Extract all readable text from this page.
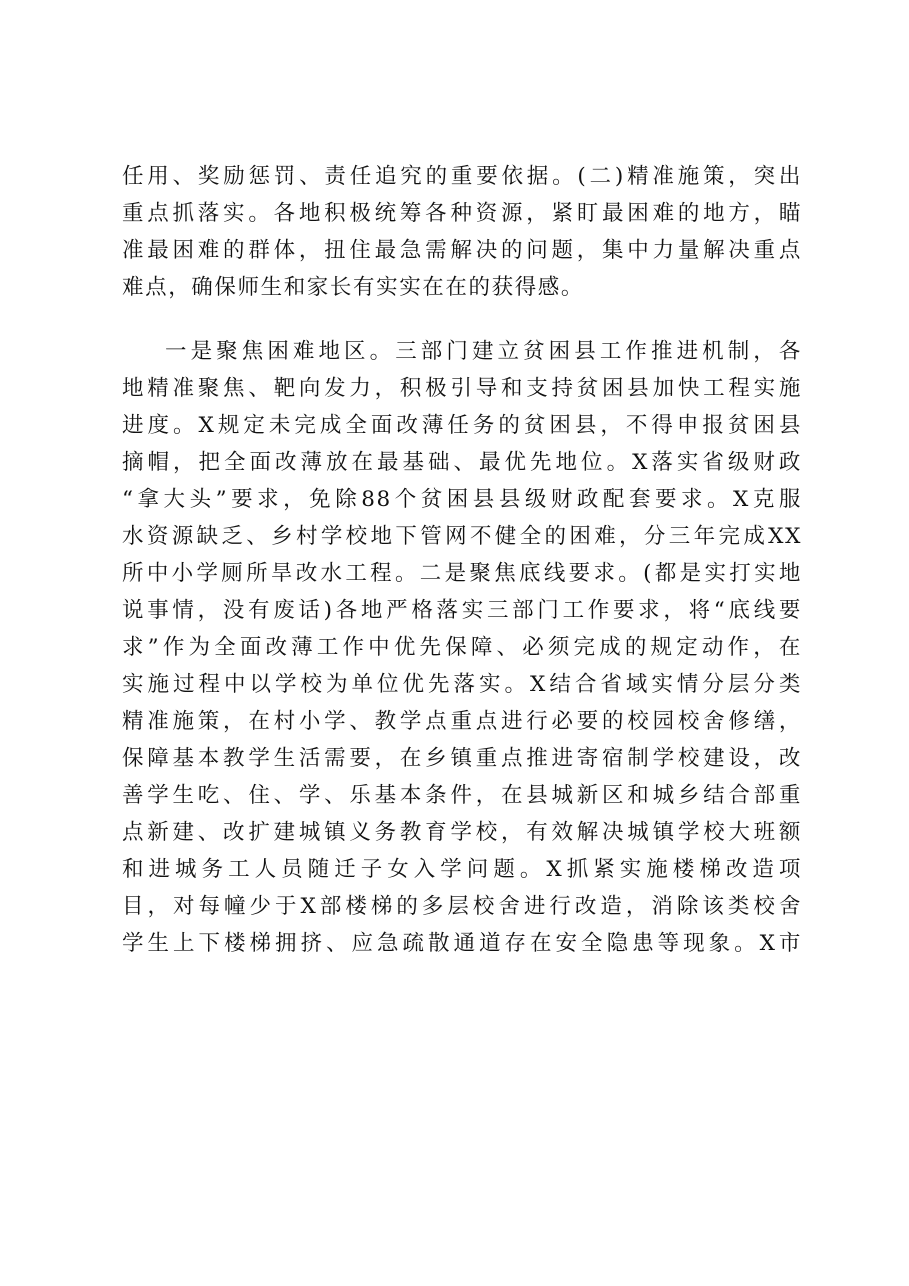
任用、奖励惩罚、责任追究的重要依据。(二)精准施策，突出
重点抓落实。各地积极统筹各种资源，紧盯最困难的地方，瞄
准最困难的群体，扭住最急需解决的问题，集中力量解决重点
难点，确保师生和家长有实实在在的获得感。
一是聚焦困难地区。三部门建立贫困县工作推进机制，各
地精准聚焦、靶向发力，积极引导和支持贫困县加快工程实施
进度。X规定未完成全面改薄任务的贫困县，不得申报贫困县
摘帽，把全面改薄放在最基础、最优先地位。X落实省级财政
“拿大头”要求，免除88个贫困县县级财政配套要求。X克服
水资源缺乏、乡村学校地下管网不健全的困难，分三年完成XX
所中小学厕所旱改水工程。二是聚焦底线要求。(都是实打实地
说事情，没有废话)各地严格落实三部门工作要求，将“底线要
求”作为全面改薄工作中优先保障、必须完成的规定动作，在
实施过程中以学校为单位优先落实。X结合省域实情分层分类
精准施策，在村小学、教学点重点进行必要的校园校舍修缮，
保障基本教学生活需要，在乡镇重点推进寄宿制学校建设，改
善学生吃、住、学、乐基本条件，在县城新区和城乡结合部重
点新建、改扩建城镇义务教育学校，有效解决城镇学校大班额
和进城务工人员随迁子女入学问题。X抓紧实施楼梯改造项
目，对每幢少于X部楼梯的多层校舍进行改造，消除该类校舍
学生上下楼梯拥挤、应急疏散通道存在安全隐患等现象。X市
